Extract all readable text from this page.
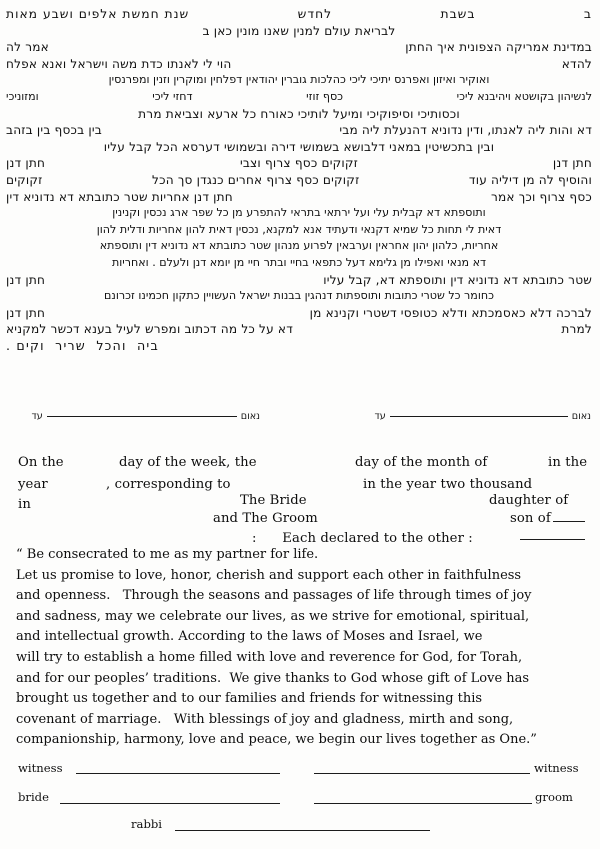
ב
בשבת
לחדש
שנת חמשת אלפים ושבע מאות
לבריאת עולם למנין שאנו מונין כאן ב
במדינת אמריקה הצפונית איך החתן
אמר לה
להדא
הוי לי לאנתו כדת משה וישראל ואנא אפלח
ואוקיר ואיזון ואפרנס יתיכי ליכי כהלכות גוברין יהודאין דפלחין ומוקרין וזנין ומפרנסין
לנשיהון בקושטא ויהיבנא ליכי
כסף זוזי
דחזי ליכי
ומזוניכי
וכסותיכי וסיפוקיכי ומיעל לותיכי כאורח כל ארעא וצביאת מרת
דא והות ליה לאנתו, ודין נדוניא דהנעלת ליה מבי
בין בכסף בין בזהב
ובין בתכשיטין במאני דלבושא בשמושי דירה ובשמושי דערסא הכל קבל עליו
חתן דנן
זקוקים כסף צרוף וצבי
חתן דנן
והוסיף לה מן דיליה עוד
זקוקים כסף צרוף אחרים כנגדן סך הכל
זקוקים
כסף צרוף וכך אמר
חתן דנן אחריות שטר כתובתא דא נדוניא דין
ותוספתא דא קבלית עלי ועל ירתאי בתראי להתפרע מן כל שפר ארג נכסין וקנינין
דאית לי תחות כל שמיא דקנאי ודעתיד אנא למקנא, נכסין דאית להון אחריות ודלית להון
אחריות, כלהון יהון אחראין וערבאין לפרוע מנהון שטר כתובתא דא נדוניא דין ותוספתא
דא מנאי ואפילו מן גלימא דעל כתפאי בחיי ובתר חיי מן יומא דנן ולעלם . ואחריות
שטר כתובתא דא נדוניא דין ותוספתא דא, קבל עליו
חתן דנן
כחומר כל שטרי כתובות ותוספתות דנהגין בבנות ישראל העשויין כתקון חכמינו זכרונם
לברכה דלא כאסמכתא ודלא כטופסי דשטרי וקנינא מן
חתן דנן
למרת
דא על כל מה דכתוב ומפרש לעיל בענא דכשר למקניא
ביה  והכל  שריר  וקים .
נאום
עד
נאום
עד
On the	day of the week, the	day of the month of	in the
year	, corresponding to	in the year two thousand
in	The Bride	daughter of
and The Groom	son of
:      Each declared to the other :
“ Be consecrated to me as my partner for life.
Let us promise to love, honor, cherish and support each other in faithfulness
and openness.   Through the seasons and passages of life through times of joy
and sadness, may we celebrate our lives, as we strive for emotional, spiritual,
and intellectual growth. According to the laws of Moses and Israel, we
will try to establish a home filled with love and reverence for God, for Torah,
and for our peoples’ traditions.  We give thanks to God whose gift of Love has
brought us together and to our families and friends for witnessing this
covenant of marriage.   With blessings of joy and gladness, mirth and song,
companionship, harmony, love and peace, we begin our lives together as One.”
witness	witness
bride	groom
rabbi
